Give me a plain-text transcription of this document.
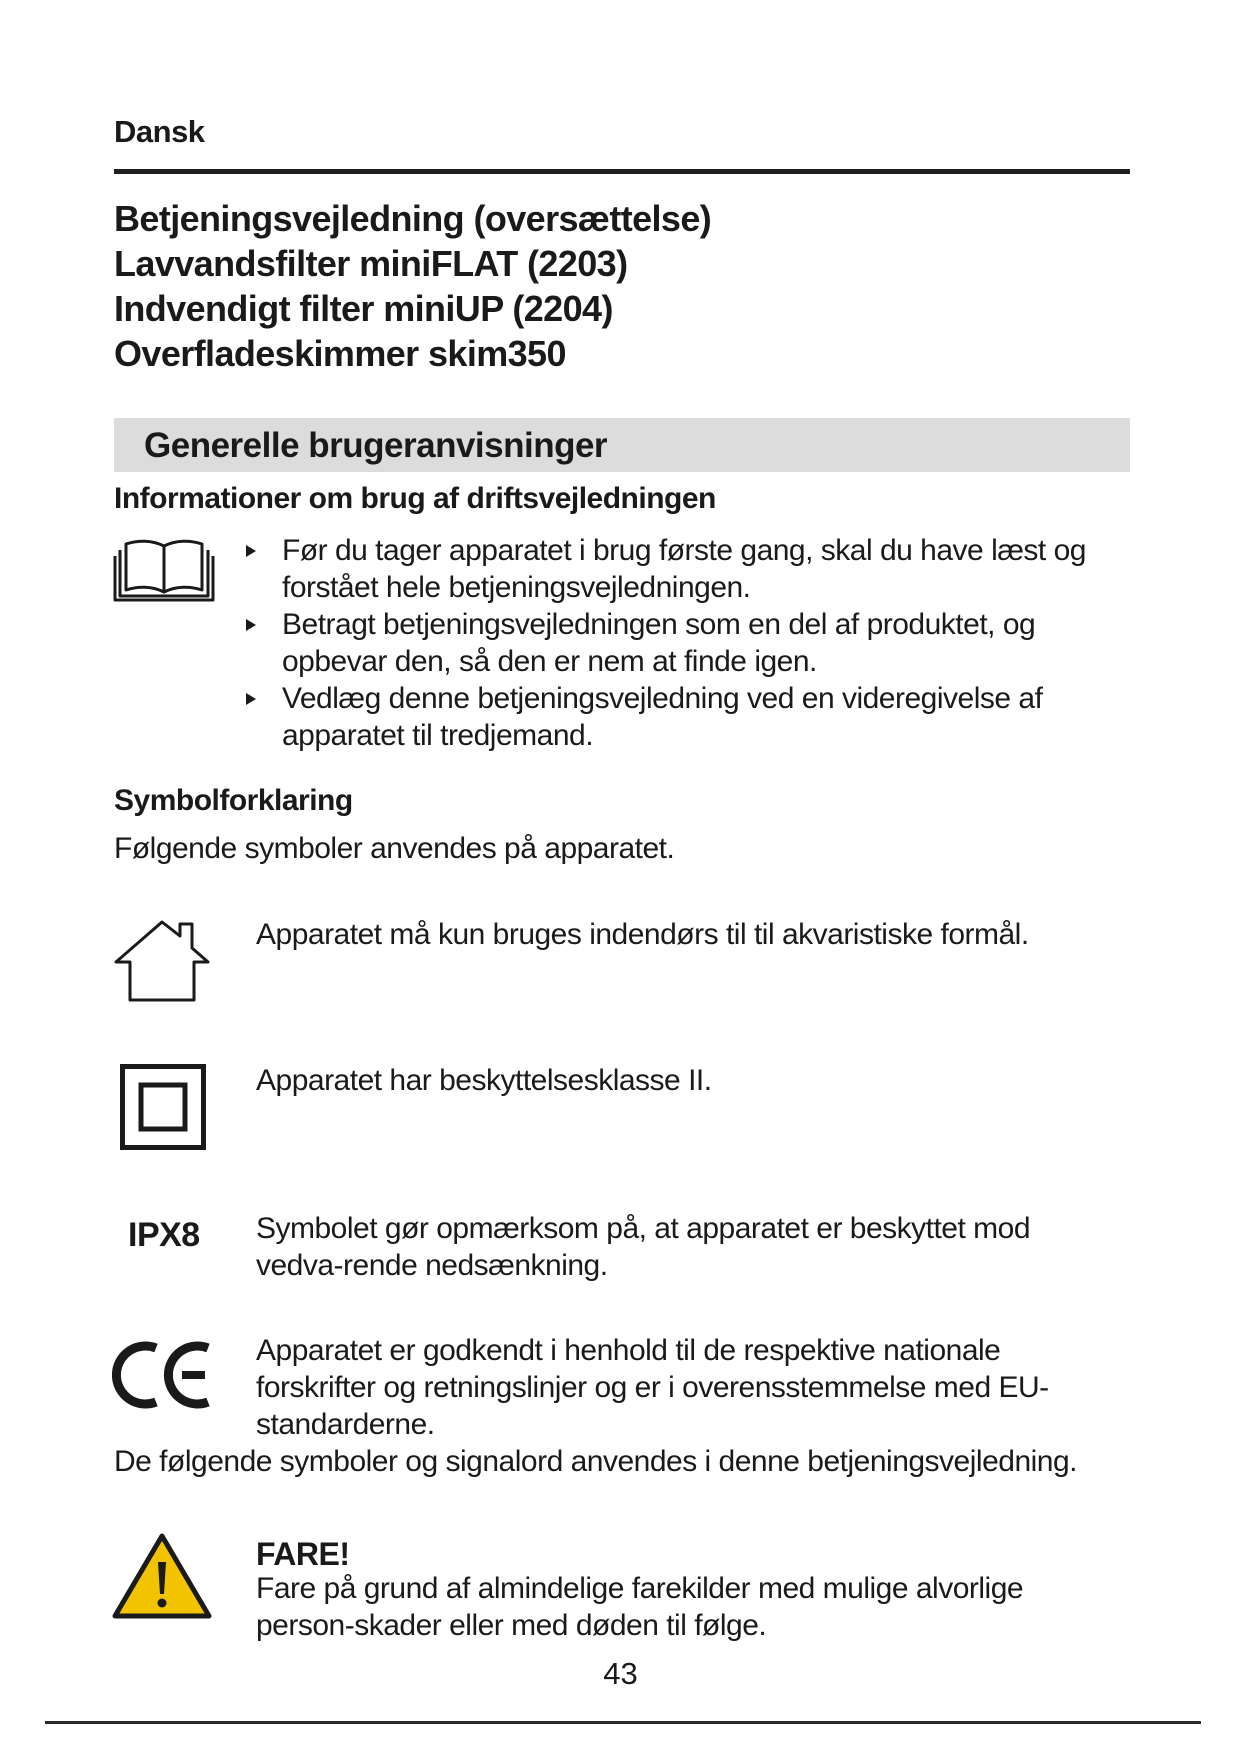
Dansk
Betjeningsvejledning (oversættelse)
Lavvandsfilter miniFLAT (2203)
Indvendigt filter miniUP (2204)
Overfladeskimmer skim350
Generelle brugeranvisninger
Informationer om brug af driftsvejledningen
Før du tager apparatet i brug første gang, skal du have læst og forstået hele betjeningsvejledningen.
Betragt betjeningsvejledningen som en del af produktet, og opbevar den, så den er nem at finde igen.
Vedlæg denne betjeningsvejledning ved en videregivelse af apparatet til tredjemand.
Symbolforklaring
Følgende symboler anvendes på apparatet.
Apparatet må kun bruges indendørs til til akvaristiske formål.
Apparatet har beskyttelsesklasse II.
IPX8 Symbolet gør opmærksom på, at apparatet er beskyttet mod vedva-rende nedsænkning.
Apparatet er godkendt i henhold til de respektive nationale forskrifter og retningslinjer og er i overensstemmelse med EU-standarderne.
De følgende symboler og signalord anvendes i denne betjeningsvejledning.
FARE!
Fare på grund af almindelige farekilder med mulige alvorlige person-skader eller med døden til følge.
43
